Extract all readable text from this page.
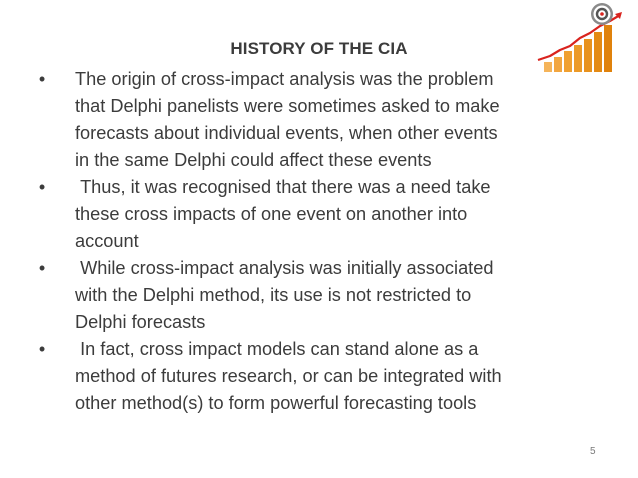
HISTORY OF THE CIA
• The origin of cross-impact analysis was the problem
that Delphi panelists were sometimes asked to make
forecasts about individual events, when other events
in the same Delphi could affect these events
• Thus, it was recognised that there was a need take
these cross impacts of one event on another into
account
• While cross-impact analysis was initially associated
with the Delphi method, its use is not restricted to
Delphi forecasts
• In fact, cross impact models can stand alone as a
method of futures research, or can be integrated with
other method(s) to form powerful forecasting tools
5
